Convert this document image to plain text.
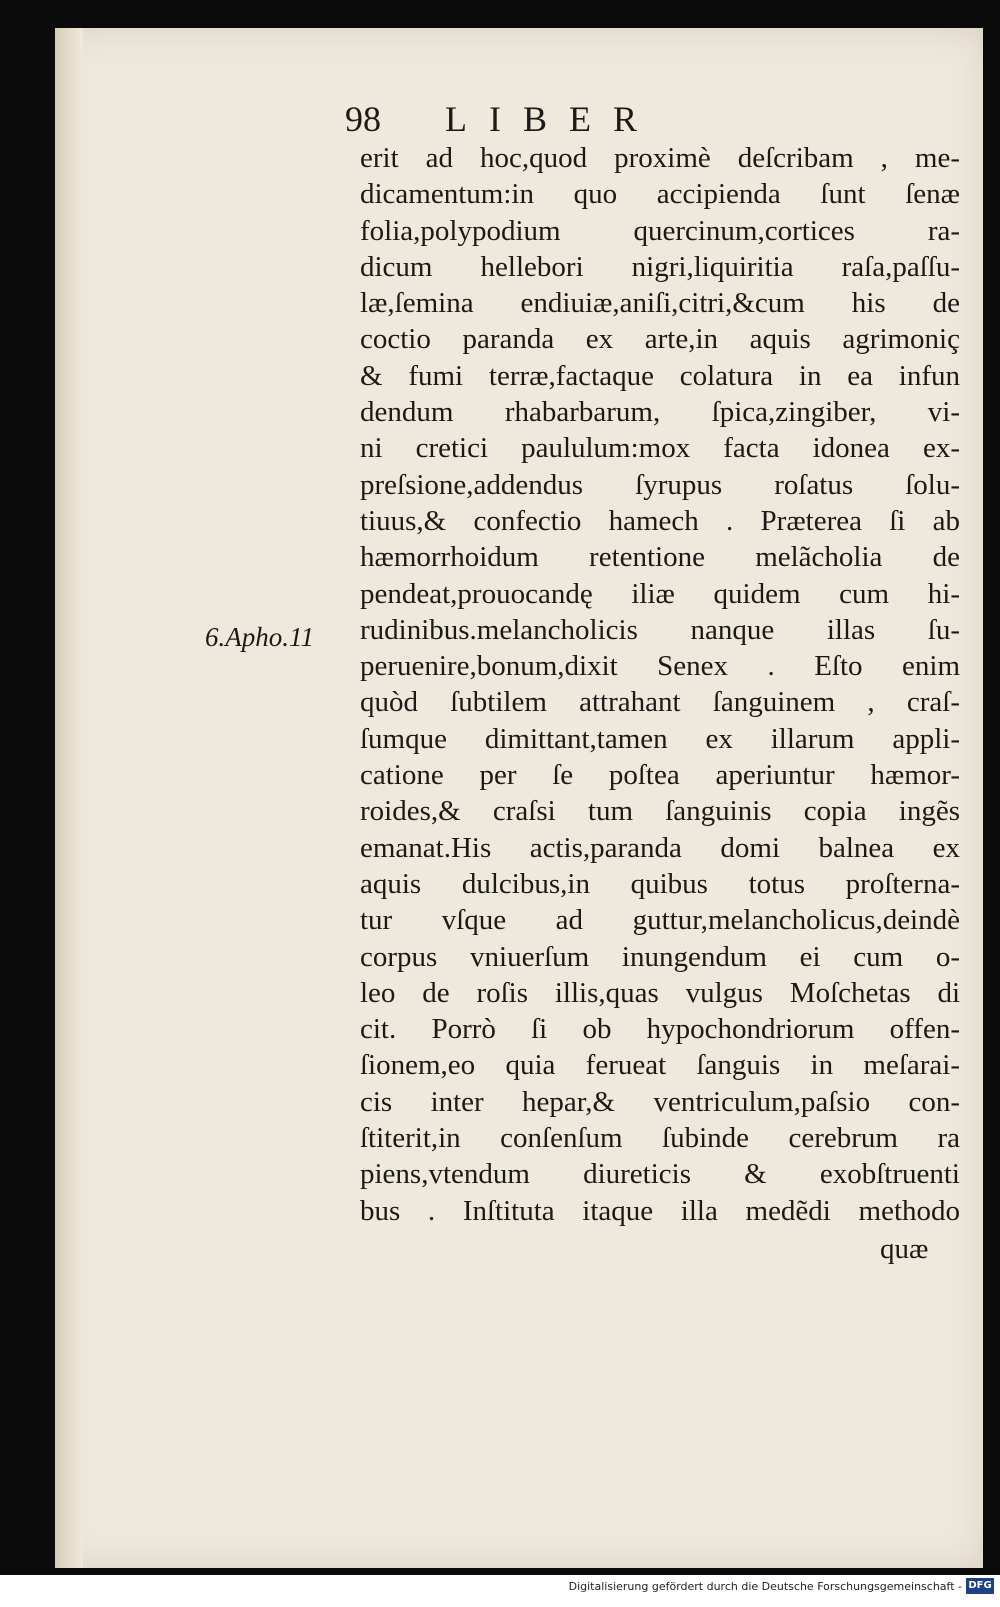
98 LIBER
6.Apho.11
erit ad hoc,quod proximè deſcribam , me-
dicamentum:in quo accipienda ſunt ſenæ
folia,polypodium quercinum,cortices ra-
dicum hellebori nigri,liquiritia raſa,paſſu-
læ,ſemina endiuiæ,aniſi,citri,&cum his de
coctio paranda ex arte,in aquis agrimoniç
& fumi terræ,factaque colatura in ea infun
dendum rhabarbarum, ſpica,zingiber, vi-
ni cretici paululum:mox facta idonea ex-
preſsione,addendus ſyrupus roſatus ſolu-
tiuus,& confectio hamech . Præterea ſi ab
hæmorrhoidum retentione melãcholia de
pendeat,prouocandę iliæ quidem cum hi-
rudinibus.melancholicis nanque illas ſu-
peruenire,bonum,dixit Senex . Eſto enim
quòd ſubtilem attrahant ſanguinem , craſ-
ſumque dimittant,tamen ex illarum appli-
catione per ſe poſtea aperiuntur hæmor-
roides,& craſsi tum ſanguinis copia ingẽs
emanat.His actis,paranda domi balnea ex
aquis dulcibus,in quibus totus proſterna-
tur vſque ad guttur,melancholicus,deindè
corpus vniuerſum inungendum ei cum o-
leo de roſis illis,quas vulgus Moſchetas di
cit. Porrò ſi ob hypochondriorum offen-
ſionem,eo quia ferueat ſanguis in meſarai-
cis inter hepar,& ventriculum,paſsio con-
ſtiterit,in conſenſum ſubinde cerebrum ra
piens,vtendum diureticis & exobſtruenti
bus . Inſtituta itaque illa medẽdi methodo
quæ
Digitalisierung gefördert durch die Deutsche Forschungsgemeinschaft - DFG
